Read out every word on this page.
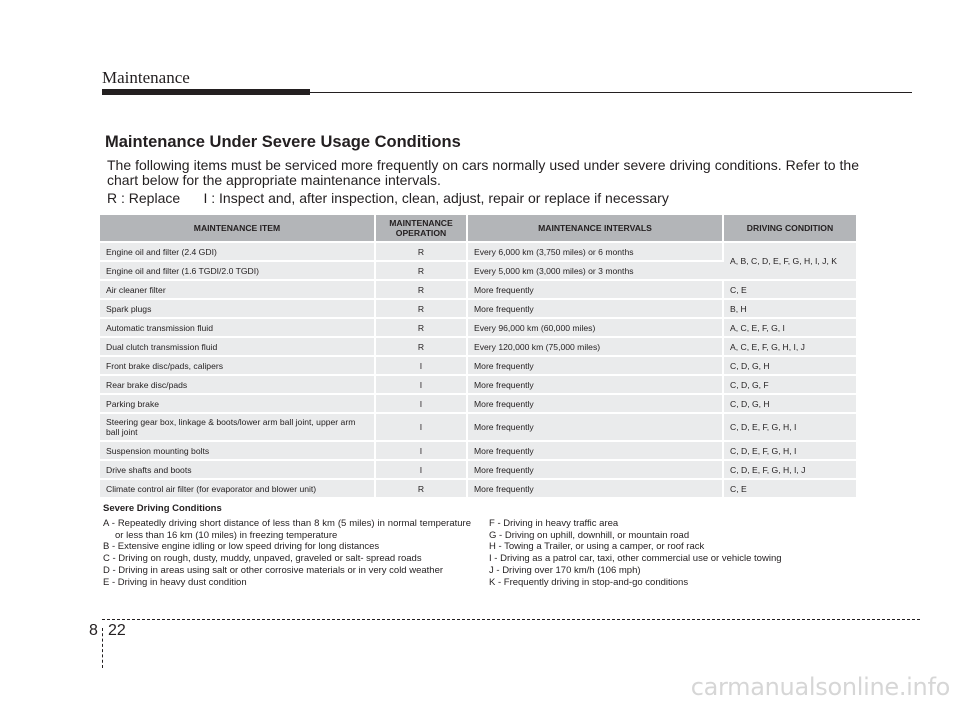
Maintenance
Maintenance Under Severe Usage Conditions
The following items must be serviced more frequently on cars normally used under severe driving conditions. Refer to the chart below for the appropriate maintenance intervals.
R : Replace      I : Inspect and, after inspection, clean, adjust, repair or replace if necessary
MAINTENANCE ITEM	MAINTENANCE OPERATION	MAINTENANCE INTERVALS	DRIVING CONDITION
Engine oil and filter (2.4 GDI)	R	Every 6,000 km (3,750 miles) or 6 months	A, B, C, D, E, F, G, H, I, J, K
Engine oil and filter (1.6 TGDI/2.0 TGDI)	R	Every 5,000 km (3,000 miles) or 3 months	
Air cleaner filter	R	More frequently	C, E
Spark plugs	R	More frequently	B, H
Automatic transmission fluid	R	Every 96,000 km (60,000 miles)	A, C, E, F, G, I
Dual clutch transmission fluid	R	Every 120,000 km (75,000 miles)	A, C, E, F, G, H, I, J
Front brake disc/pads, calipers	I	More frequently	C, D, G, H
Rear brake disc/pads	I	More frequently	C, D, G, F
Parking brake	I	More frequently	C, D, G, H
Steering gear box, linkage & boots/lower arm ball joint, upper arm ball joint	I	More frequently	C, D, E, F, G, H, I
Suspension mounting bolts	I	More frequently	C, D, E, F, G, H, I
Drive shafts and boots	I	More frequently	C, D, E, F, G, H, I, J
Climate control air filter (for evaporator and blower unit)	R	More frequently	C, E
Severe Driving Conditions

A - Repeatedly driving short distance of less than 8 km (5 miles) in normal temperature or less than 16 km (10 miles) in freezing temperature

B - Extensive engine idling or low speed driving for long distances

C - Driving on rough, dusty, muddy, unpaved, graveled or salt- spread roads

D - Driving in areas using salt or other corrosive materials or in very cold weather

E - Driving in heavy dust condition

F - Driving in heavy traffic area

G - Driving on uphill, downhill, or mountain road

H - Towing a Trailer, or using a camper, or roof rack

I - Driving as a patrol car, taxi, other commercial use or vehicle towing

J - Driving over 170 km/h (106 mph)

K - Frequently driving in stop-and-go conditions

8 22
carmanualsonline.info
